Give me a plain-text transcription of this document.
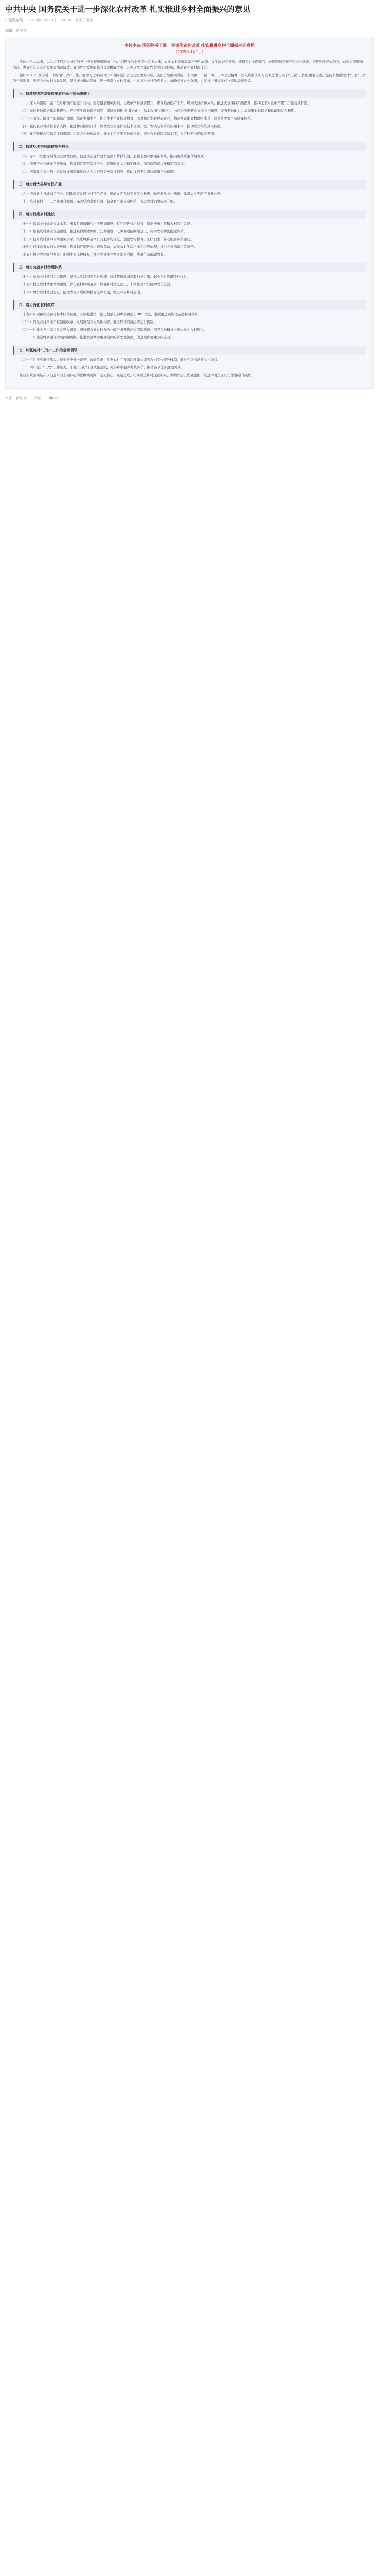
中共中央 国务院关于进一步深化农村改革 扎实推进乡村全面振兴的意见
中国政府网 2025年02月23日 18:20 发表于北京
编辑：新华社

中共中央 国务院关于进一步深化农村改革 扎实推进乡村全面振兴的意见

（2025年1月1日）

党的十八大以来，以习近平同志为核心的党中央坚持把解决好“三农”问题作为全党工作重中之重，农业农村发展取得历史性成就、发生历史性变革。推进乡村全面振兴，必须坚持不懈夯实农业基础，推进强国必先强农，农强方能国强。当前，世界百年未有之大变局加速演进，我国农业发展面临的风险挑战增多，必须以加快建设农业强国为目标，推动农业农村现代化。

做好2025年及今后一个时期“三农”工作，要以习近平新时代中国特色社会主义思想为指导，全面贯彻落实党的二十大和二十届二中、三中全会精神，深入贯彻落实习近平总书记关于“三农”工作的重要论述，坚持和加强党对“三农”工作的全面领导，坚持农业农村优先发展，坚持城乡融合发展，进一步深化农村改革，扎实推进乡村全面振兴，加快建设农业强国，为推进中国式现代化提供基础支撑。

一、持续增强粮食等重要农产品供给保障能力

（一）深入实施新一轮千亿斤粮食产能提升行动。稳定粮食播种面积，主攻单产和品质提升，确保粮食稳产丰产。巩固大豆扩种成果，推进大豆油料产能提升，推动玉米大豆单产提升工程提质扩面。

（二）强化耕地保护和质量提升。严格落实耕地保护制度，坚决遏制耕地“非农化”、基本农田“非粮化”。分区分类推进高标准农田建设，提升耕地地力，加强黑土地保护和盐碱地综合利用。

（三）巩固提升粮食产能和稳产保供。稳定生猪生产，推进牛羊产业提质增效，因地制宜发展设施农业，构建多元化食物供给体系，健全重要农产品储备体系。

（四）强化农业科技和装备支撑。推进种业振兴行动，加快农业关键核心技术攻关，提升农机装备研发应用水平，推动农业科技成果转化。

（五）健全种粮农民收益保障机制。完善农业补贴政策，健全主产区利益补偿机制，提升农业保险保障水平，稳定种粮农民收益预期。

二、持续巩固拓展脱贫攻坚成果

（六）守牢不发生规模性返贫致贫底线。健全防止返贫致贫监测和帮扶机制，加强监测对象精准帮扶，推动帮扶政策落地见效。

（七）提升产业和就业帮扶质效。因地制宜发展帮扶产业，促进脱贫人口稳定就业，加强东西部协作和定点帮扶。

（八）统筹建立农村防止返贫致贫机制和低收入人口分层分类帮扶制度，推动过渡期后帮扶政策平稳衔接。

三、着力壮大县域富民产业

（九）培育壮大县域富民产业。因地制宜发展乡村特色产业，推动农产品加工业优化升级，做强做优乡村旅游、休闲农业等新产业新业态。

（十）推动农村一二三产业融合发展。完善联农带农机制，健全农产品流通体系，促进农村消费提质升级。

四、着力推进乡村建设

（十一）提高乡村规划建设水平。统筹县域城镇和村庄规划建设，有序推进村庄建设，保护传统村落和乡村特色风貌。

（十二）加强农村基础设施建设。推进农村供水保障、公路建设、电网和通信网络建设，完善农村物流配送体系。

（十三）提升农村基本公共服务水平。推进城乡基本公共服务均等化，加强农村教育、医疗卫生、养老服务体系建设。

（十四）持续改善农村人居环境。因地制宜推进农村厕所革命，加强农村生活污水和垃圾治理，推进农业面源污染防治。

（十五）推进农业绿色发展。加强生态保护修复，推进农业废弃物资源化利用，发展生态低碳农业。

五、着力完善乡村治理体系

（十六）加强农村基层组织建设。坚持以党建引领乡村治理，持续整顿软弱涣散村党组织，健全乡村治理工作体系。

（十七）推进农村精神文明建设。深化农村移风易俗，加强乡村文化建设，丰富农民群众精神文化生活。

（十八）维护农村社会稳定。健全农村矛盾纠纷排查化解机制，推进平安乡村建设。

六、着力深化农村改革

（十九）巩固和完善农村基本经营制度。有序推进第二轮土地承包到期后再延长30年试点，稳妥推进农村宅基地制度改革。

（二十）深化农村集体产权制度改革。发展新型农村集体经济，健全集体经济组织运行机制。

（二十一）健全乡村振兴多元投入机制。坚持将农业农村作为一般公共预算优先保障领域，引导金融和社会资本投入乡村振兴。

（二十二）健全城乡融合发展体制机制。推进以县城为重要载体的新型城镇化，促进城乡要素双向流动。

七、加强党对“三农”工作的全面领导

（二十三）压实责任落实。健全党委统一领导、政府负责、党委农村工作部门统筹协调的农村工作领导体制，落实五级书记抓乡村振兴。

（二十四）提升“三农”工作能力。加强“三农”干部队伍建设，完善乡村振兴考核评价，推动各项任务落地见效。

让我们紧密团结在以习近平同志为核心的党中央周围，坚定信心、锐意进取，扎实推进乡村全面振兴，为加快建设农业强国、推进中国式现代化作出新的贡献。

来源：新华社 阅读	赞
